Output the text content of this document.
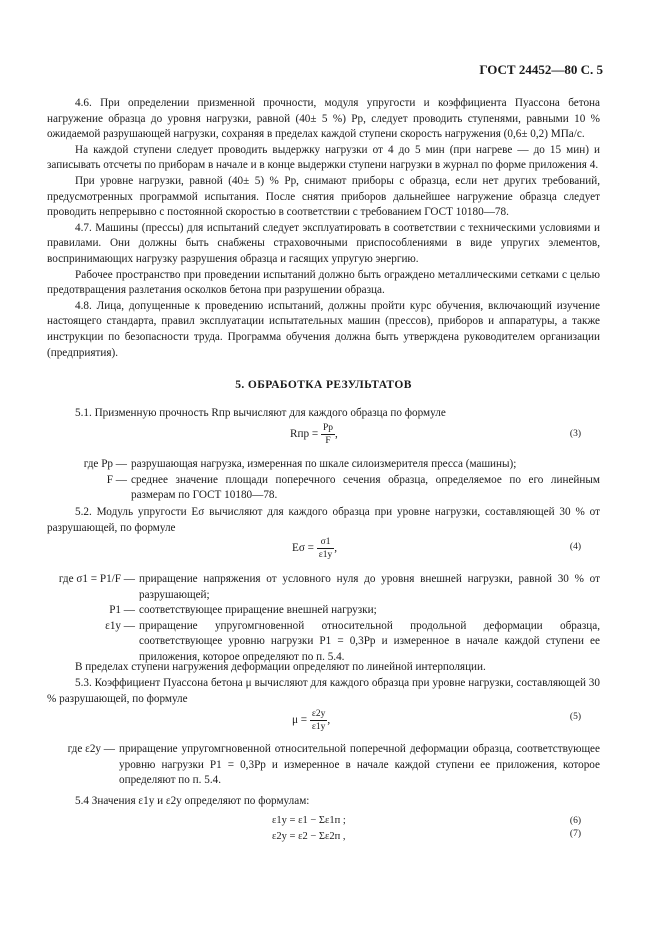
ГОСТ 24452—80 С. 5

4.6. При определении призменной прочности, модуля упругости и коэффициента Пуассона бетона нагружение образца до уровня нагрузки, равной (40± 5 %) Pр, следует проводить ступенями, равными 10 % ожидаемой разрушающей нагрузки, сохраняя в пределах каждой ступени скорость нагружения (0,6± 0,2) МПа/с.

На каждой ступени следует проводить выдержку нагрузки от 4 до 5 мин (при нагреве — до 15 мин) и записывать отсчеты по приборам в начале и в конце выдержки ступени нагрузки в журнал по форме приложения 4.

При уровне нагрузки, равной (40± 5) % Pр, снимают приборы с образца, если нет других требований, предусмотренных программой испытания. После снятия приборов дальнейшее нагружение образца следует проводить непрерывно с постоянной скоростью в соответствии с требованием ГОСТ 10180—78.

4.7. Машины (прессы) для испытаний следует эксплуатировать в соответствии с техническими условиями и правилами. Они должны быть снабжены страховочными приспособлениями в виде упругих элементов, воспринимающих нагрузку разрушения образца и гасящих упругую энергию.

Рабочее пространство при проведении испытаний должно быть ограждено металлическими сетками с целью предотвращения разлетания осколков бетона при разрушении образца.

4.8. Лица, допущенные к проведению испытаний, должны пройти курс обучения, включающий изучение настоящего стандарта, правил эксплуатации испытательных машин (прессов), приборов и аппаратуры, а также инструкции по безопасности труда. Программа обучения должна быть утверждена руководителем организации (предприятия).

5. ОБРАБОТКА РЕЗУЛЬТАТОВ

5.1. Призменную прочность Rпр вычисляют для каждого образца по формуле

Rпр = $\frac{Pр}{F}$ ,	(3)
где Pр — разрушающая нагрузка, измеренная по шкале силоизмерителя пресса (машины);
F — среднее значение площади поперечного сечения образца, определяемое по его линейным размерам по ГОСТ 10180—78.

5.2. Модуль упругости Eσ вычисляют для каждого образца при уровне нагрузки, составляющей 30 % от разрушающей, по формуле

$E\sigma = \frac{\sigma 1}{\varepsilon 1y}$ ,	(4)
где σ1 = P1/F — приращение напряжения от условного нуля до уровня внешней нагрузки, равной 30 % от разрушающей;
P1 — соответствующее приращение внешней нагрузки;
ε1y — приращение упругомгновенной относительной продольной деформации образца, соответствующее уровню нагрузки P1 = 0,3Pр и измеренное в начале каждой ступени ее приложения, которое определяют по п. 5.4.

В пределах ступени нагружения деформации определяют по линейной интерполяции.

5.3. Коэффициент Пуассона бетона μ вычисляют для каждого образца при уровне нагрузки, составляющей 30 % разрушающей, по формуле

$\mu = \frac{\varepsilon 2y}{\varepsilon 1y}$ ,	(5)
где ε2y — приращение упругомгновенной относительной поперечной деформации образца, соответствующее уровню нагрузки P1 = 0,3Pр и измеренное в начале каждой ступени ее приложения, которое определяют по п. 5.4.

5.4 Значения ε1y и ε2y определяют по формулам:

ε1y = ε1 − Σε1п ;	(6)
ε2y = ε2 − Σε2п ,	(7)
